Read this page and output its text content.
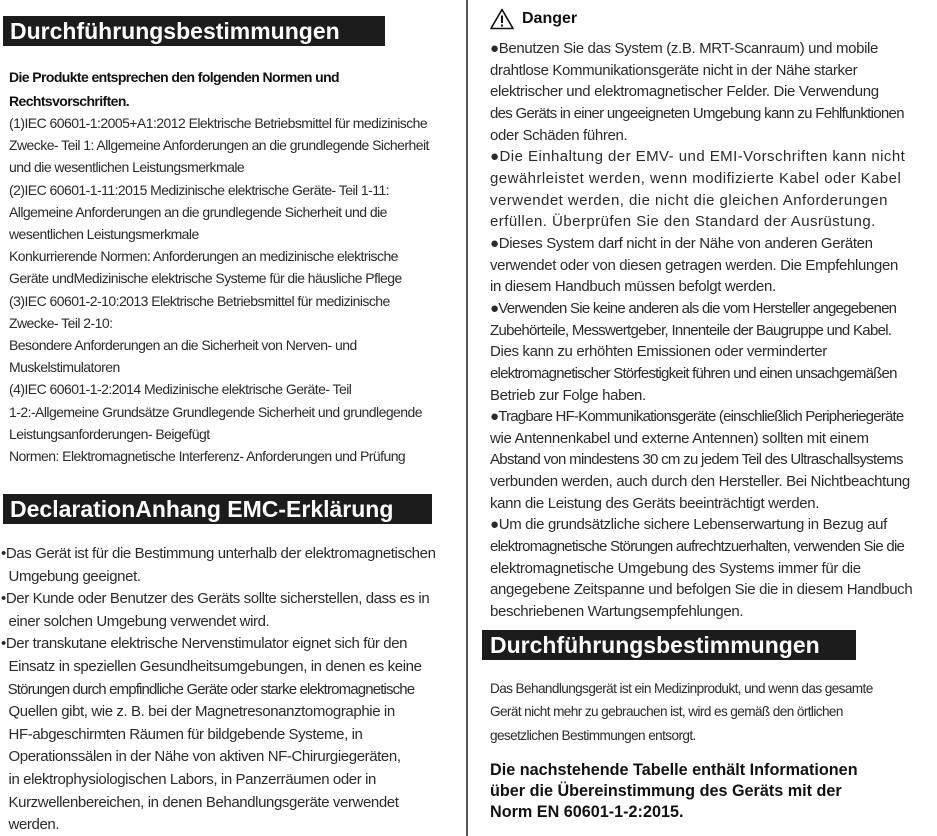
Durchführungsbestimmungen

Die Produkte entsprechen den folgenden Normen und

Rechtsvorschriften.

(1)IEC 60601-1:2005+A1:2012 Elektrische Betriebsmittel für medizinische

Zwecke- Teil 1: Allgemeine Anforderungen an die grundlegende Sicherheit

und die wesentlichen Leistungsmerkmale

(2)IEC 60601-1-11:2015 Medizinische elektrische Geräte- Teil 1-11:

Allgemeine Anforderungen an die grundlegende Sicherheit und die

wesentlichen Leistungsmerkmale

Konkurrierende Normen: Anforderungen an medizinische elektrische

Geräte undMedizinische elektrische Systeme für die häusliche Pflege

(3)IEC 60601-2-10:2013 Elektrische Betriebsmittel für medizinische

Zwecke- Teil 2-10:

Besondere Anforderungen an die Sicherheit von Nerven- und

Muskelstimulatoren

(4)IEC 60601-1-2:2014 Medizinische elektrische Geräte- Teil

1-2:-Allgemeine Grundsätze Grundlegende Sicherheit und grundlegende

Leistungsanforderungen- Beigefügt

Normen: Elektromagnetische Interferenz- Anforderungen und Prüfung

DeclarationAnhang EMC-Erklärung

•Das Gerät ist für die Bestimmung unterhalb der elektromagnetischen

Umgebung geeignet.

•Der Kunde oder Benutzer des Geräts sollte sicherstellen, dass es in

einer solchen Umgebung verwendet wird.

•Der transkutane elektrische Nervenstimulator eignet sich für den

Einsatz in speziellen Gesundheitsumgebungen, in denen es keine

Störungen durch empfindliche Geräte oder starke elektromagnetische

Quellen gibt, wie z. B. bei der Magnetresonanztomographie in

HF-abgeschirmten Räumen für bildgebende Systeme, in

Operationssälen in der Nähe von aktiven NF-Chirurgiegeräten,

in elektrophysiologischen Labors, in Panzerräumen oder in

Kurzwellenbereichen, in denen Behandlungsgeräte verwendet

werden.

Danger

●Benutzen Sie das System (z.B. MRT-Scanraum) und mobile

drahtlose Kommunikationsgeräte nicht in der Nähe starker

elektrischer und elektromagnetischer Felder. Die Verwendung

des Geräts in einer ungeeigneten Umgebung kann zu Fehlfunktionen

oder Schäden führen.

●Die Einhaltung der EMV- und EMI-Vorschriften kann nicht

gewährleistet werden, wenn modifizierte Kabel oder Kabel

verwendet werden, die nicht die gleichen Anforderungen

erfüllen. Überprüfen Sie den Standard der Ausrüstung.

●Dieses System darf nicht in der Nähe von anderen Geräten

verwendet oder von diesen getragen werden. Die Empfehlungen

in diesem Handbuch müssen befolgt werden.

●Verwenden Sie keine anderen als die vom Hersteller angegebenen

Zubehörteile, Messwertgeber, Innenteile der Baugruppe und Kabel.

Dies kann zu erhöhten Emissionen oder verminderter

elektromagnetischer Störfestigkeit führen und einen unsachgemäßen

Betrieb zur Folge haben.

●Tragbare HF-Kommunikationsgeräte (einschließlich Peripheriegeräte

wie Antennenkabel und externe Antennen) sollten mit einem

Abstand von mindestens 30 cm zu jedem Teil des Ultraschallsystems

verbunden werden, auch durch den Hersteller. Bei Nichtbeachtung

kann die Leistung des Geräts beeinträchtigt werden.

●Um die grundsätzliche sichere Lebenserwartung in Bezug auf

elektromagnetische Störungen aufrechtzuerhalten, verwenden Sie die

elektromagnetische Umgebung des Systems immer für die

angegebene Zeitspanne und befolgen Sie die in diesem Handbuch

beschriebenen Wartungsempfehlungen.

Durchführungsbestimmungen

Das Behandlungsgerät ist ein Medizinprodukt, und wenn das gesamte

Gerät nicht mehr zu gebrauchen ist, wird es gemäß den örtlichen

gesetzlichen Bestimmungen entsorgt.

Die nachstehende Tabelle enthält Informationen

über die Übereinstimmung des Geräts mit der

Norm EN 60601-1-2:2015.
